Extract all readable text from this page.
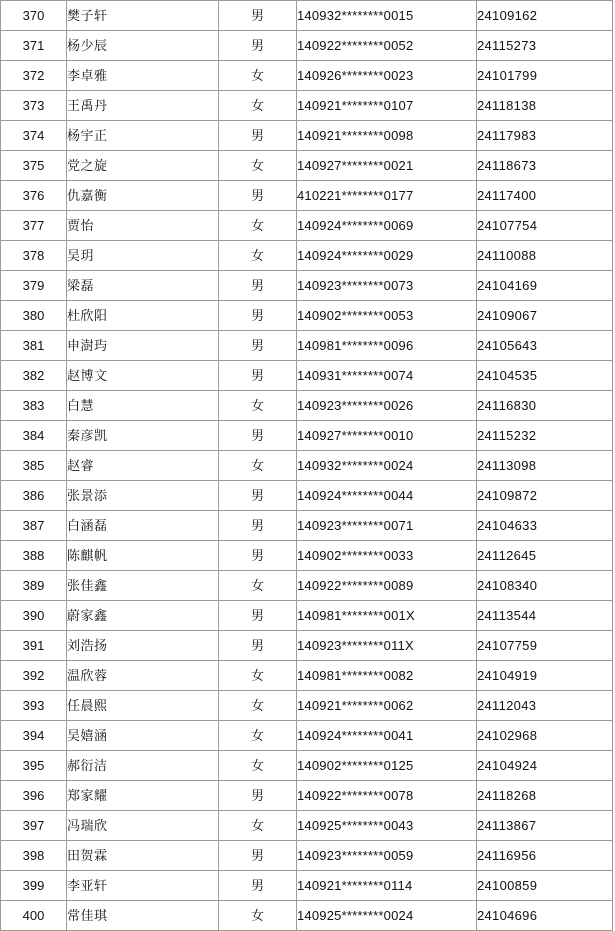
370	樊子轩	男	140932********0015	24109162
371	杨少辰	男	140922********0052	24115273
372	李卓雅	女	140926********0023	24101799
373	王禹丹	女	140921********0107	24118138
374	杨宇正	男	140921********0098	24117983
375	党之旋	女	140927********0021	24118673
376	仇嘉衡	男	410221********0177	24117400
377	贾怡	女	140924********0069	24107754
378	吴玥	女	140924********0029	24110088
379	梁磊	男	140923********0073	24104169
380	杜欣阳	男	140902********0053	24109067
381	申澍玙	男	140981********0096	24105643
382	赵博文	男	140931********0074	24104535
383	白慧	女	140923********0026	24116830
384	秦彦凯	男	140927********0010	24115232
385	赵睿	女	140932********0024	24113098
386	张景添	男	140924********0044	24109872
387	白涵磊	男	140923********0071	24104633
388	陈麒帆	男	140902********0033	24112645
389	张佳鑫	女	140922********0089	24108340
390	蔚家鑫	男	140981********001X	24113544
391	刘浩扬	男	140923********011X	24107759
392	温欣蓉	女	140981********0082	24104919
393	任晨熙	女	140921********0062	24112043
394	吴嬉涵	女	140924********0041	24102968
395	郝衍洁	女	140902********0125	24104924
396	郑家耀	男	140922********0078	24118268
397	冯瑞欣	女	140925********0043	24113867
398	田贺霖	男	140923********0059	24116956
399	李亚轩	男	140921********0114	24100859
400	常佳琪	女	140925********0024	24104696
